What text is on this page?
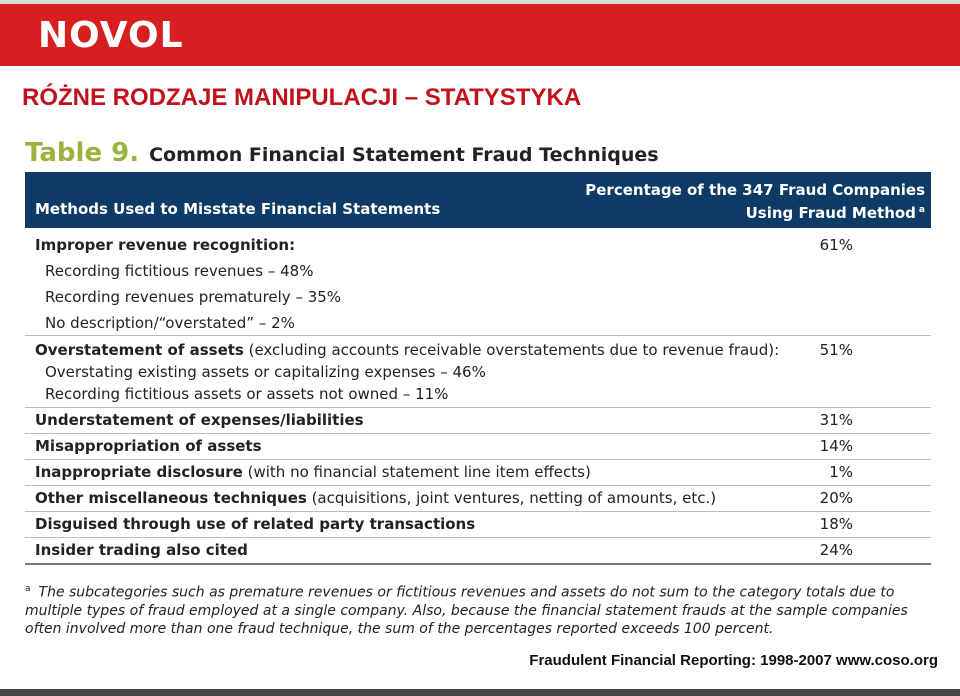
NOVOL
RÓŻNE RODZAJE MANIPULACJI – STATYSTYKA
Table 9. Common Financial Statement Fraud Techniques
Methods Used to Misstate Financial Statements
Percentage of the 347 Fraud Companies
Using Fraud Method $^a$
Improper revenue recognition:	61%
Recording fictitious revenues – 48%
Recording revenues prematurely – 35%
No description/“overstated” – 2%
Overstatement of assets (excluding accounts receivable overstatements due to revenue fraud):	51%
Overstating existing assets or capitalizing expenses – 46%
Recording fictitious assets or assets not owned – 11%
Understatement of expenses/liabilities	31%
Misappropriation of assets	14%
Inappropriate disclosure (with no financial statement line item effects)	1%
Other miscellaneous techniques (acquisitions, joint ventures, netting of amounts, etc.)	20%
Disguised through use of related party transactions	18%
Insider trading also cited	24%
$^a$ The subcategories such as premature revenues or fictitious revenues and assets do not sum to the category totals due to
multiple types of fraud employed at a single company. Also, because the financial statement frauds at the sample companies
often involved more than one fraud technique, the sum of the percentages reported exceeds 100 percent.
Fraudulent Financial Reporting: 1998-2007 www.coso.org
